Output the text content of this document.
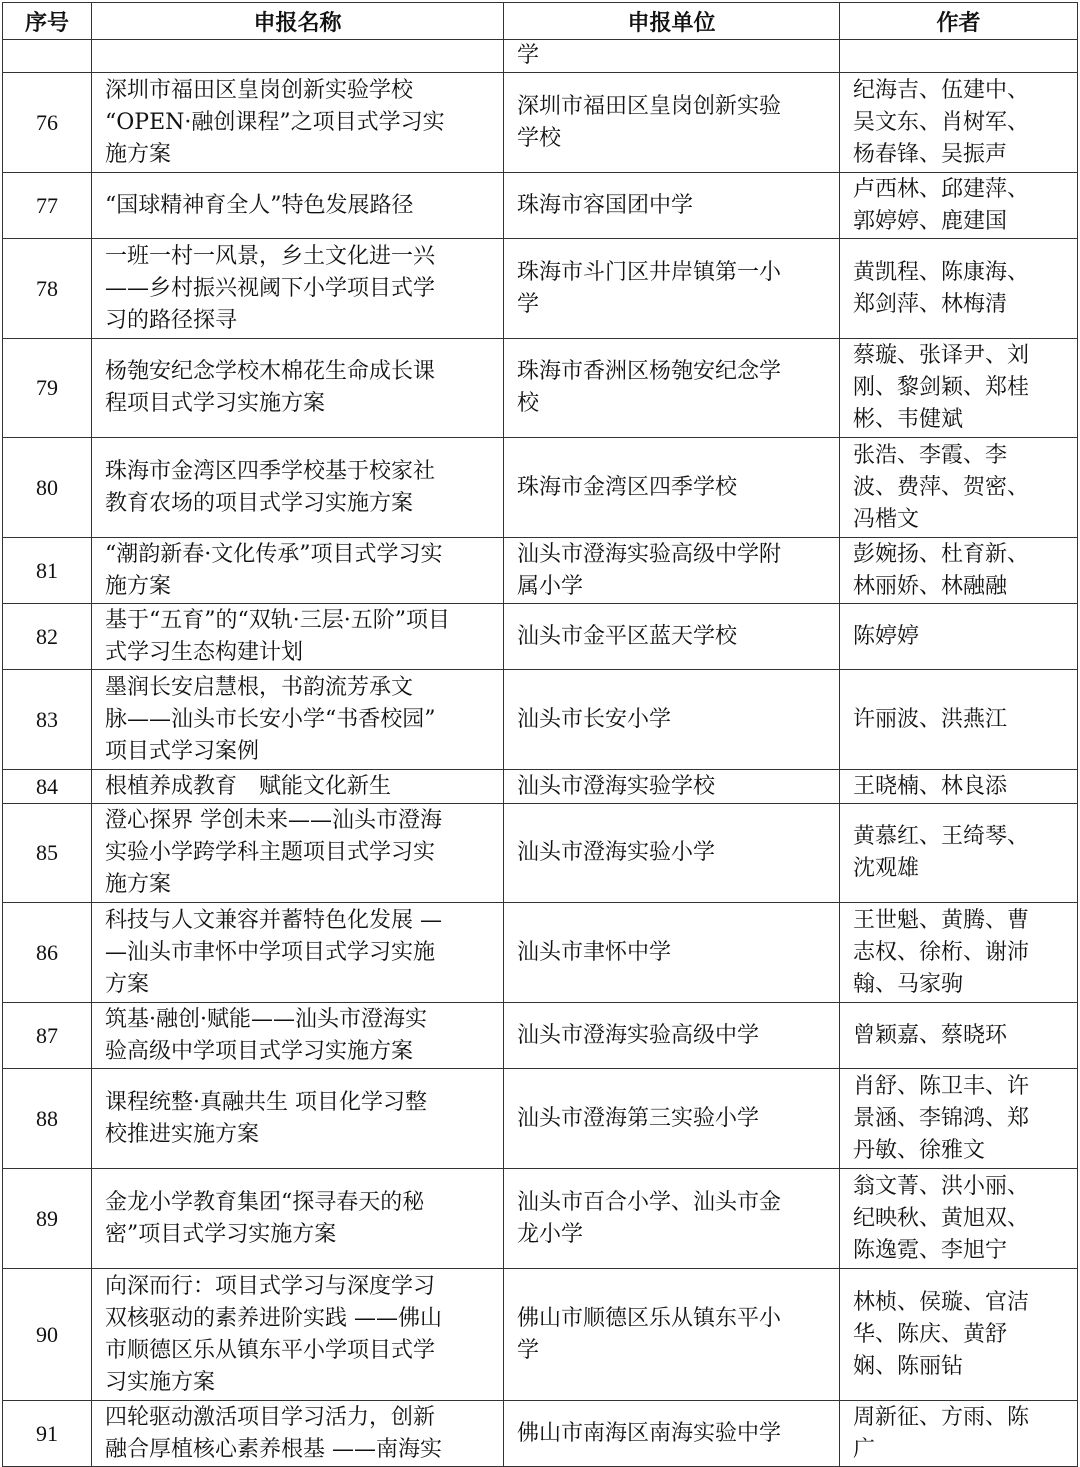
序号	申报名称	申报单位	作者

		学	

76	深圳市福田区皇岗创新实验学校
“OPEN·融创课程”之项目式学习实
施方案	深圳市福田区皇岗创新实验
学校	纪海吉、伍建中、
吴文东、肖树军、
杨春锋、吴振声

77	“国球精神育全人”特色发展路径	珠海市容国团中学	卢西林、邱建萍、
郭婷婷、鹿建国

78	一班一村一风景，乡土文化进一兴
——乡村振兴视阈下小学项目式学
习的路径探寻	珠海市斗门区井岸镇第一小
学	黄凯程、陈康海、
郑剑萍、林梅清

79	杨匏安纪念学校木棉花生命成长课
程项目式学习实施方案	珠海市香洲区杨匏安纪念学
校	蔡璇、张译尹、刘
刚、黎剑颖、郑桂
彬、韦健斌

80	珠海市金湾区四季学校基于校家社
教育农场的项目式学习实施方案	珠海市金湾区四季学校	张浩、李霞、李
波、费萍、贺密、
冯楷文

81	“潮韵新春·文化传承”项目式学习实
施方案	汕头市澄海实验高级中学附
属小学	彭婉扬、杜育新、
林丽娇、林融融

82	基于“五育”的“双轨·三层·五阶”项目
式学习生态构建计划	汕头市金平区蓝天学校	陈婷婷

83	墨润长安启慧根，书韵流芳承文
脉——汕头市长安小学“书香校园”
项目式学习案例	汕头市长安小学	许丽波、洪燕江

84	根植养成教育　赋能文化新生	汕头市澄海实验学校	王晓楠、林良添

85	澄心探界 学创未来——汕头市澄海
实验小学跨学科主题项目式学习实
施方案	汕头市澄海实验小学	黄慕红、王绮琴、
沈观雄

86	科技与人文兼容并蓄特色化发展 —
—汕头市聿怀中学项目式学习实施
方案	汕头市聿怀中学	王世魁、黄腾、曹
志权、徐桁、谢沛
翰、马家驹

87	筑基·融创·赋能——汕头市澄海实
验高级中学项目式学习实施方案	汕头市澄海实验高级中学	曾颖嘉、蔡晓环

88	课程统整·真融共生 项目化学习整
校推进实施方案	汕头市澄海第三实验小学	肖舒、陈卫丰、许
景涵、李锦鸿、郑
丹敏、徐雅文

89	金龙小学教育集团“探寻春天的秘
密”项目式学习实施方案	汕头市百合小学、汕头市金
龙小学	翁文菁、洪小丽、
纪映秋、黄旭双、
陈逸霓、李旭宁

90	向深而行：项目式学习与深度学习
双核驱动的素养进阶实践 ——佛山
市顺德区乐从镇东平小学项目式学
习实施方案	佛山市顺德区乐从镇东平小
学	林桢、侯璇、官洁
华、陈庆、黄舒
娴、陈丽钻

91	四轮驱动激活项目学习活力，创新
融合厚植核心素养根基 ——南海实	佛山市南海区南海实验中学	周新征、方雨、陈
广
